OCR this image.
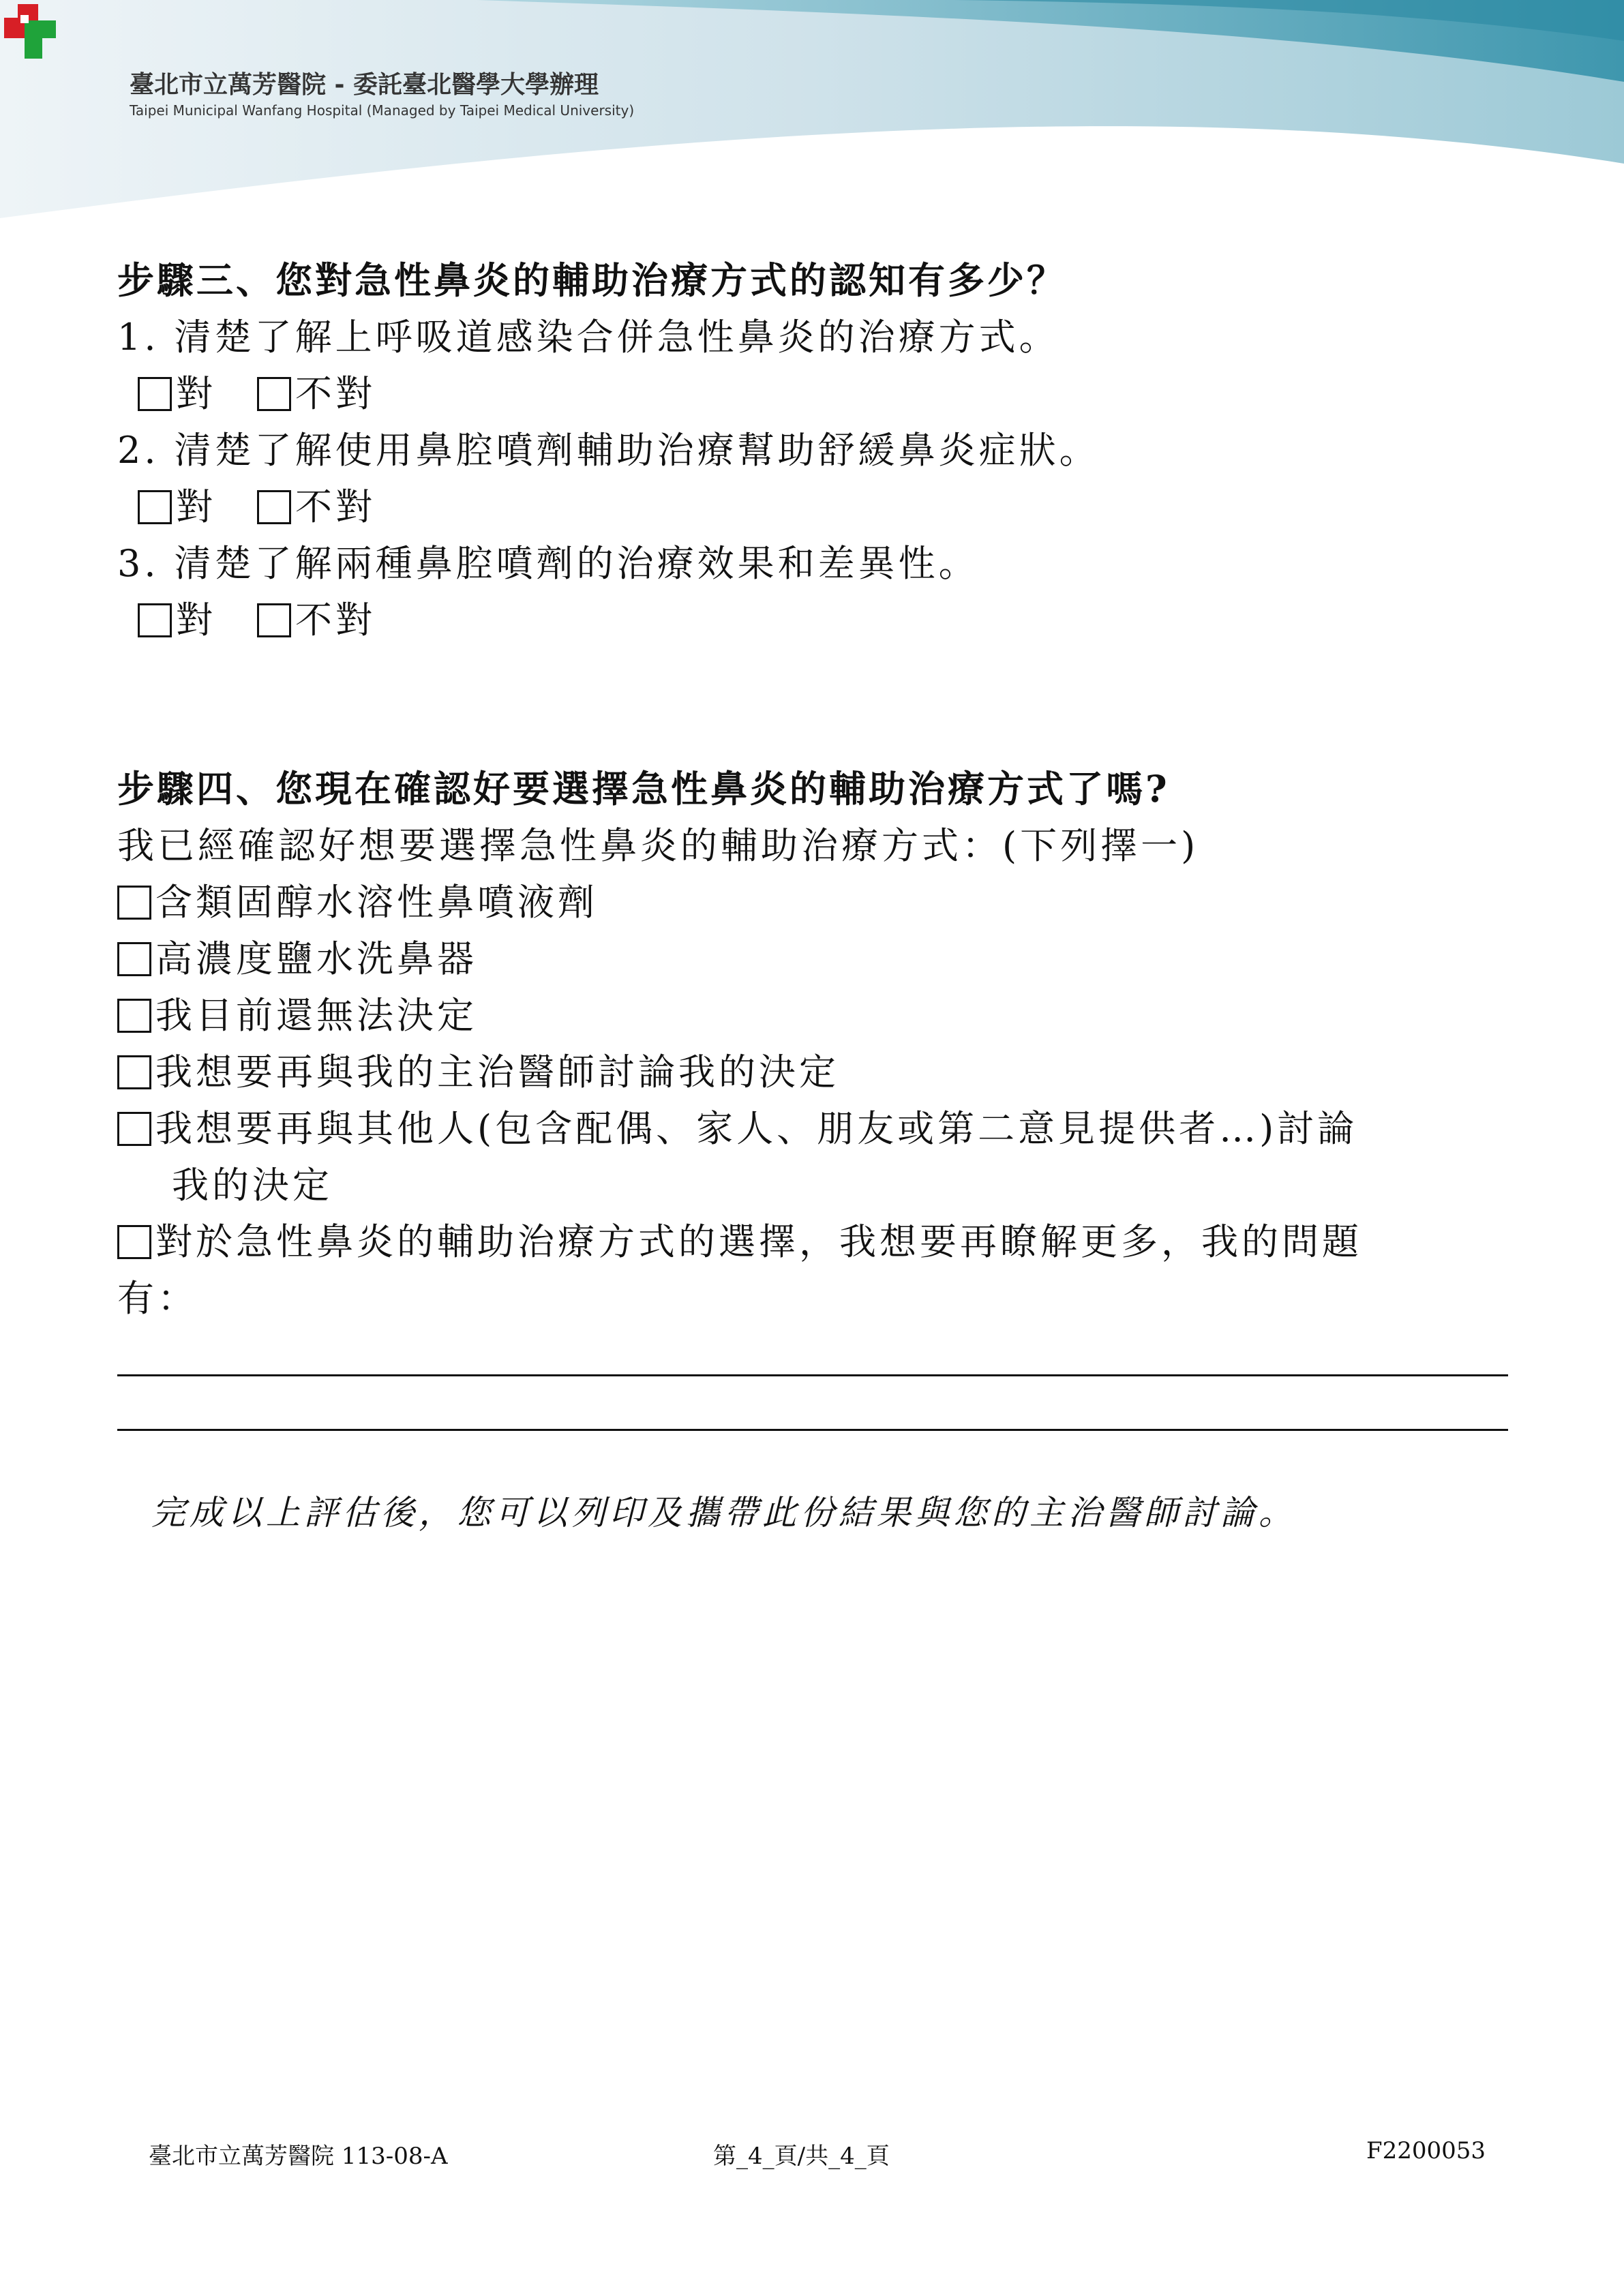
臺北市立萬芳醫院 - 委託臺北醫學大學辦理
Taipei Municipal Wanfang Hospital (Managed by Taipei Medical University)
步驟三、您對急性鼻炎的輔助治療方式的認知有多少？
1. 清楚了解上呼吸道感染合併急性鼻炎的治療方式。
對 不對
2. 清楚了解使用鼻腔噴劑輔助治療幫助舒緩鼻炎症狀。
對 不對
3. 清楚了解兩種鼻腔噴劑的治療效果和差異性。
對 不對
步驟四、您現在確認好要選擇急性鼻炎的輔助治療方式了嗎?
我已經確認好想要選擇急性鼻炎的輔助治療方式：(下列擇一)
含類固醇水溶性鼻噴液劑
高濃度鹽水洗鼻器
我目前還無法決定
我想要再與我的主治醫師討論我的決定
我想要再與其他人(包含配偶、家人、朋友或第二意見提供者…)討論
我的決定
對於急性鼻炎的輔助治療方式的選擇，我想要再瞭解更多，我的問題
有：
完成以上評估後，您可以列印及攜帶此份結果與您的主治醫師討論。
臺北市立萬芳醫院 113-08-A	第_4_頁/共_4_頁	F2200053
